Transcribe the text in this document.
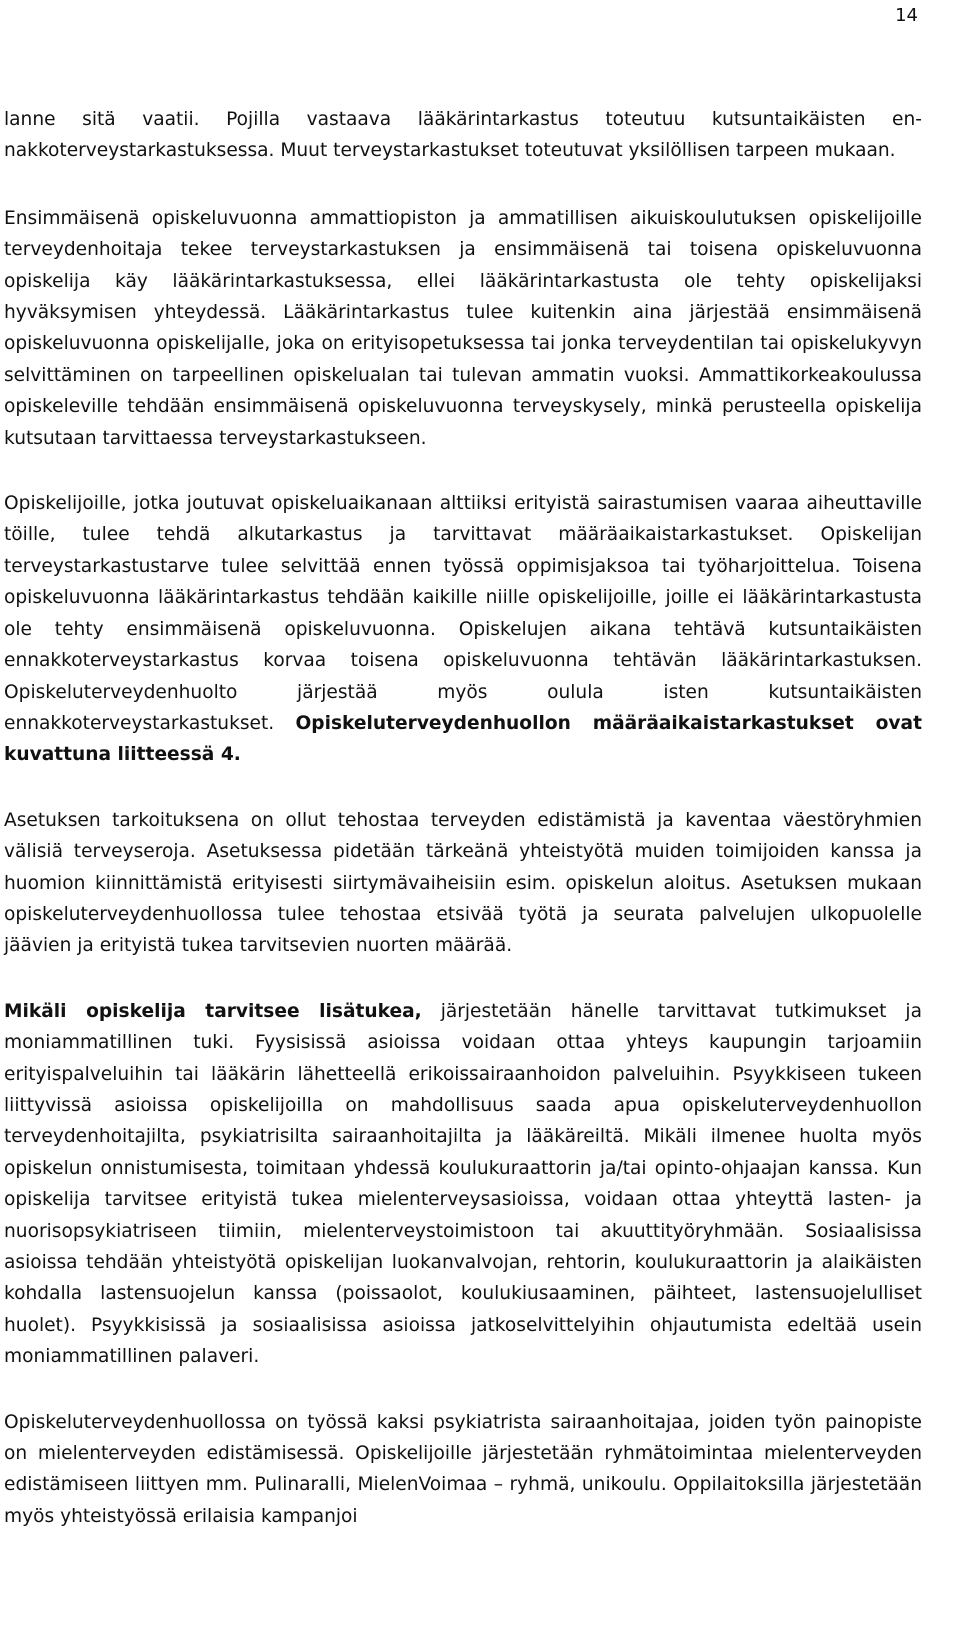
14

lanne sitä vaatii. Pojilla vastaava lääkärintarkastus toteutuu kutsuntaikäisten ennakkoterveystarkastuksessa. Muut terveystarkastukset toteutuvat yksilöllisen tarpeen mukaan.

Ensimmäisenä opiskeluvuonna ammattiopiston ja ammatillisen aikuiskoulutuksen opiskelijoille terveydenhoitaja tekee terveystarkastuksen ja ensimmäisenä tai toisena opiskeluvuonna opiskelija käy lääkärintarkastuksessa, ellei lääkärintarkastusta ole tehty opiskelijaksi hyväksymisen yhteydessä. Lääkärintarkastus tulee kuitenkin aina järjestää ensimmäisenä opiskeluvuonna opiskelijalle, joka on erityisopetuksessa tai jonka terveydentilan tai opiskelukyvyn selvittäminen on tarpeellinen opiskelualan tai tulevan ammatin vuoksi. Ammattikorkeakoulussa opiskeleville tehdään ensimmäisenä opiskeluvuonna terveyskysely, minkä perusteella opiskelija kutsutaan tarvittaessa terveystarkastukseen.

Opiskelijoille, jotka joutuvat opiskeluaikanaan alttiiksi erityistä sairastumisen vaaraa aiheuttaville töille, tulee tehdä alkutarkastus ja tarvittavat määräaikaistarkastukset. Opiskelijan terveystarkastustarve tulee selvittää ennen työssä oppimisjaksoa tai työharjoittelua. Toisena opiskeluvuonna lääkärintarkastus tehdään kaikille niille opiskelijoille, joille ei lääkärintarkastusta ole tehty ensimmäisenä opiskeluvuonna. Opiskelujen aikana tehtävä kutsuntaikäisten ennakkoterveystarkastus korvaa toisena opiskeluvuonna tehtävän lääkärintarkastuksen. Opiskeluterveydenhuolto järjestää myös oulula isten kutsuntaikäisten ennakkoterveystarkastukset. Opiskeluterveydenhuollon määräaikaistarkastukset ovat kuvattuna liitteessä 4.

Asetuksen tarkoituksena on ollut tehostaa terveyden edistämistä ja kaventaa väestöryhmien välisiä terveyseroja. Asetuksessa pidetään tärkeänä yhteistyötä muiden toimijoiden kanssa ja huomion kiinnittämistä erityisesti siirtymävaiheisiin esim. opiskelun aloitus. Asetuksen mukaan opiskeluterveydenhuollossa tulee tehostaa etsivää työtä ja seurata palvelujen ulkopuolelle jäävien ja erityistä tukea tarvitsevien nuorten määrää.

Mikäli opiskelija tarvitsee lisätukea, järjestetään hänelle tarvittavat tutkimukset ja moniammatillinen tuki. Fyysisissä asioissa voidaan ottaa yhteys kaupungin tarjoamiin erityispalveluihin tai lääkärin lähetteellä erikoissairaanhoidon palveluihin. Psyykkiseen tukeen liittyvissä asioissa opiskelijoilla on mahdollisuus saada apua opiskeluterveydenhuollon terveydenhoitajilta, psykiatrisilta sairaanhoitajilta ja lääkäreiltä. Mikäli ilmenee huolta myös opiskelun onnistumisesta, toimitaan yhdessä koulukuraattorin ja/tai opinto-ohjaajan kanssa. Kun opiskelija tarvitsee erityistä tukea mielenterveysasioissa, voidaan ottaa yhteyttä lasten- ja nuorisopsykiatriseen tiimiin, mielenterveystoimistoon tai akuuttityöryhmään. Sosiaalisissa asioissa tehdään yhteistyötä opiskelijan luokanvalvojan, rehtorin, koulukuraattorin ja alaikäisten kohdalla lastensuojelun kanssa (poissaolot, koulukiusaaminen, päihteet, lastensuojelulliset huolet). Psyykkisissä ja sosiaalisissa asioissa jatkoselvittelyihin ohjautumista edeltää usein moniammatillinen palaveri.

Opiskeluterveydenhuollossa on työssä kaksi psykiatrista sairaanhoitajaa, joiden työn painopiste on mielenterveyden edistämisessä. Opiskelijoille järjestetään ryhmätoimintaa mielenterveyden edistämiseen liittyen mm. Pulinaralli, MielenVoimaa – ryhmä, unikoulu. Oppilaitoksilla järjestetään myös yhteistyössä erilaisia kampanjoi
